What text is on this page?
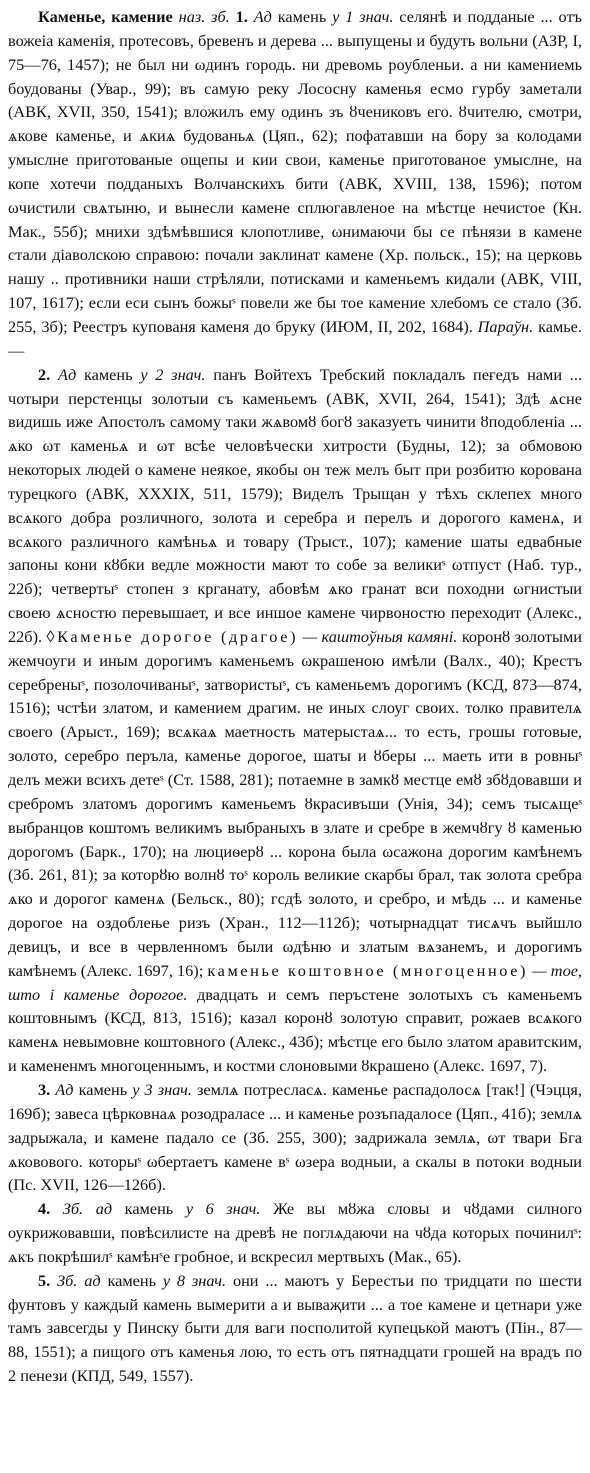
Каменье, камение наз. зб. 1. Ад камень у 1 знач. селянѣ и подданые ... отъ вожеіа каменія, протесовъ, бревенъ и дерева ... выпущены и будуть вольни (АЗР, I, 75—76, 1457); не был ни ωдинъ городь. ни древомь роубленьи. а ни камениемь боудованы (Увар., 99); въ самую реку Лососну каменья есмо гурбу заметали (АВК, XVII, 350, 1541); вложилъ ему одинъ зъ ȣчениковъ его. ȣчителю, смотри, ѧкове каменье, и ѧкиѧ будованьѧ (Цяп., 62); пофатавши на бору за колодами умыслне приготованые ощепы и кии свои, каменье приготованое умыслне, на копе хотечи подданыхъ Волчанскихъ бити (АВК, XVIII, 138, 1596); потом ωчистили свѧтыню, и вынесли камене сплюгавленое на мѣстце нечистое (Кн. Мак., 55б); мнихи здѣмѣвшися клопотливе, ωнимаючи бы се пѣнязи в камене стали діаволскою справою: почали заклинат камене (Хр. польск., 15); на церковь нашу .. противники наши стрѣляли, потисками и каменьемъ кидали (АВК, VIII, 107, 1617); если еси сынъ божыˢ повели же бы тое камение хлебомъ се стало (Зб. 255, 3б); Реестръ купованя каменя до бруку (ИЮМ, II, 202, 1684). Параўн. камье. —

2. Ад камень у 2 знач. панъ Войтехъ Требский покладалъ пеғедъ нами ... чотыри перстенцы золотыи съ каменьемъ (АВК, XVII, 264, 1541); Здѣ ѧсне видишь иже Апостолъ самому таки жѧвомȣ богȣ заказуеть чинити ȣподобленіа ... ѧко ωт каменьѧ и ωт всѣе человѣчески хитрости (Будны, 12); за обмовою некоторых людей о камене неякое, якобы он теж мелъ быт при розбитю корована турецкого (АВК, XXXIX, 511, 1579); Виделъ Трыщан у тѣхъ склепех много всѧкого добра розличного, золота и серебра и перелъ и дорогого каменѧ, и всѧкого различного камѣньѧ и товару (Трыст., 107); камение шаты едвабные запоны кони кȣбки ведле можности мают то собе за великиˢ ωтпуст (Наб. тур., 22б); четвертыˢ стопен з крганату, абовѣм ѧко гранат вси походни ωгнистыи своею ѧсностю перевышает, и все иншое камене чирвоностю переходит (Алекс., 22б). ◊Каменье дорогое (драгое) — каштоўныя камяні. коронȣ золотыми жемчоуги и иным дорогимъ каменьемъ ωкрашеною имѣли (Валх., 40); Крестъ серебреныˢ, позолочиваныˢ, затвористыˢ, съ каменьемъ дорогимъ (КСД, 873—874, 1516); чстѣи златом, и камением драгим. не иных слоуг своих. толко правителѧ своего (Арыст., 169); всѧкаѧ маетность матерыстаѧ... то есть, грошы готовые, золото, серебро перъла, каменье дорогое, шаты и ȣберы ... маеть ити в ровныˢ делъ межи всихъ детеˢ (Ст. 1588, 281); потаемне в замкȣ местце емȣ збȣдовавши и сребромъ златомъ дорогимъ каменьемъ ȣкрасивъши (Унія, 34); семъ тысѧщеˢ выбранцов коштомъ великимъ выбраныхъ в злате и сребре в жемчȣгу ȣ каменью дорогомъ (Барк., 170); на люциѳерȣ ... корона была ωсажона дорогим камѣнемъ (Зб. 261, 81); за которȣю волнȣ тоˢ король великие скарбы брал, так золота сребра ѧко и дорогог каменѧ (Бельск., 80); гсдѣ золото, и сребро, и мѣдь ... и каменье дорогое на оздоблење ризъ (Хран., 112—112б); чотырнадцат тисѧчъ выйшло девицъ, и все в червленномъ были ωдѣню и златым вѧзанемъ, и дорогимъ камѣнемъ (Алекс. 1697, 16); каменье коштовное (многоценное) — тое, што і каменье дорогое. двадцать и семъ перъстене золотыхъ съ каменьемъ коштовнымъ (КСД, 813, 1516); казал коронȣ золотую справит, рожаев всѧкого каменѧ невымовне коштовного (Алекс., 43б); мѣстце его было златом аравитским, и камененмъ многоценнымъ, и костми слоновыми ȣкрашено (Алекс. 1697, 7).

3. Ад камень у 3 знач. землѧ потреслаcѧ. каменье распадолосѧ [так!] (Чэцця, 169б); завеса цѣрковнаѧ розодраласе ... и каменье розъпадалосе (Цяп., 41б); землѧ задрыжала, и камене падало се (Зб. 255, 300); задрижала землѧ, ωт твари Бга ѧковового. которыˢ ωбертаетъ камене вˢ ωзера водныи, а скалы в потоки водныи (Пс. XVII, 126—126б).

4. Зб. ад камень у 6 знач. Же вы мȣжа словы и чȣдами силного оукрижовавши, повѣсилисте на древѣ не поглѧдаючи на чȣда которых починилˢ: ѧкъ покрѣшилˢ камѣнˢе гробное, и вскресил мертвыхъ (Мак., 65).

5. Зб. ад камень у 8 знач. они ... маютъ у Берестьи по тридцати по шести фунтовъ у каждый камень вымерити а и вываҗити ... а тое камене и цетнари уже тамъ завсегды у Пинску быти для ваги посполитой купецькой маютъ (Пін., 87—88, 1551); а пищого отъ каменья лою, то есть отъ пятнадцати грошей на врадъ по 2 пенези (КПД, 549, 1557).
